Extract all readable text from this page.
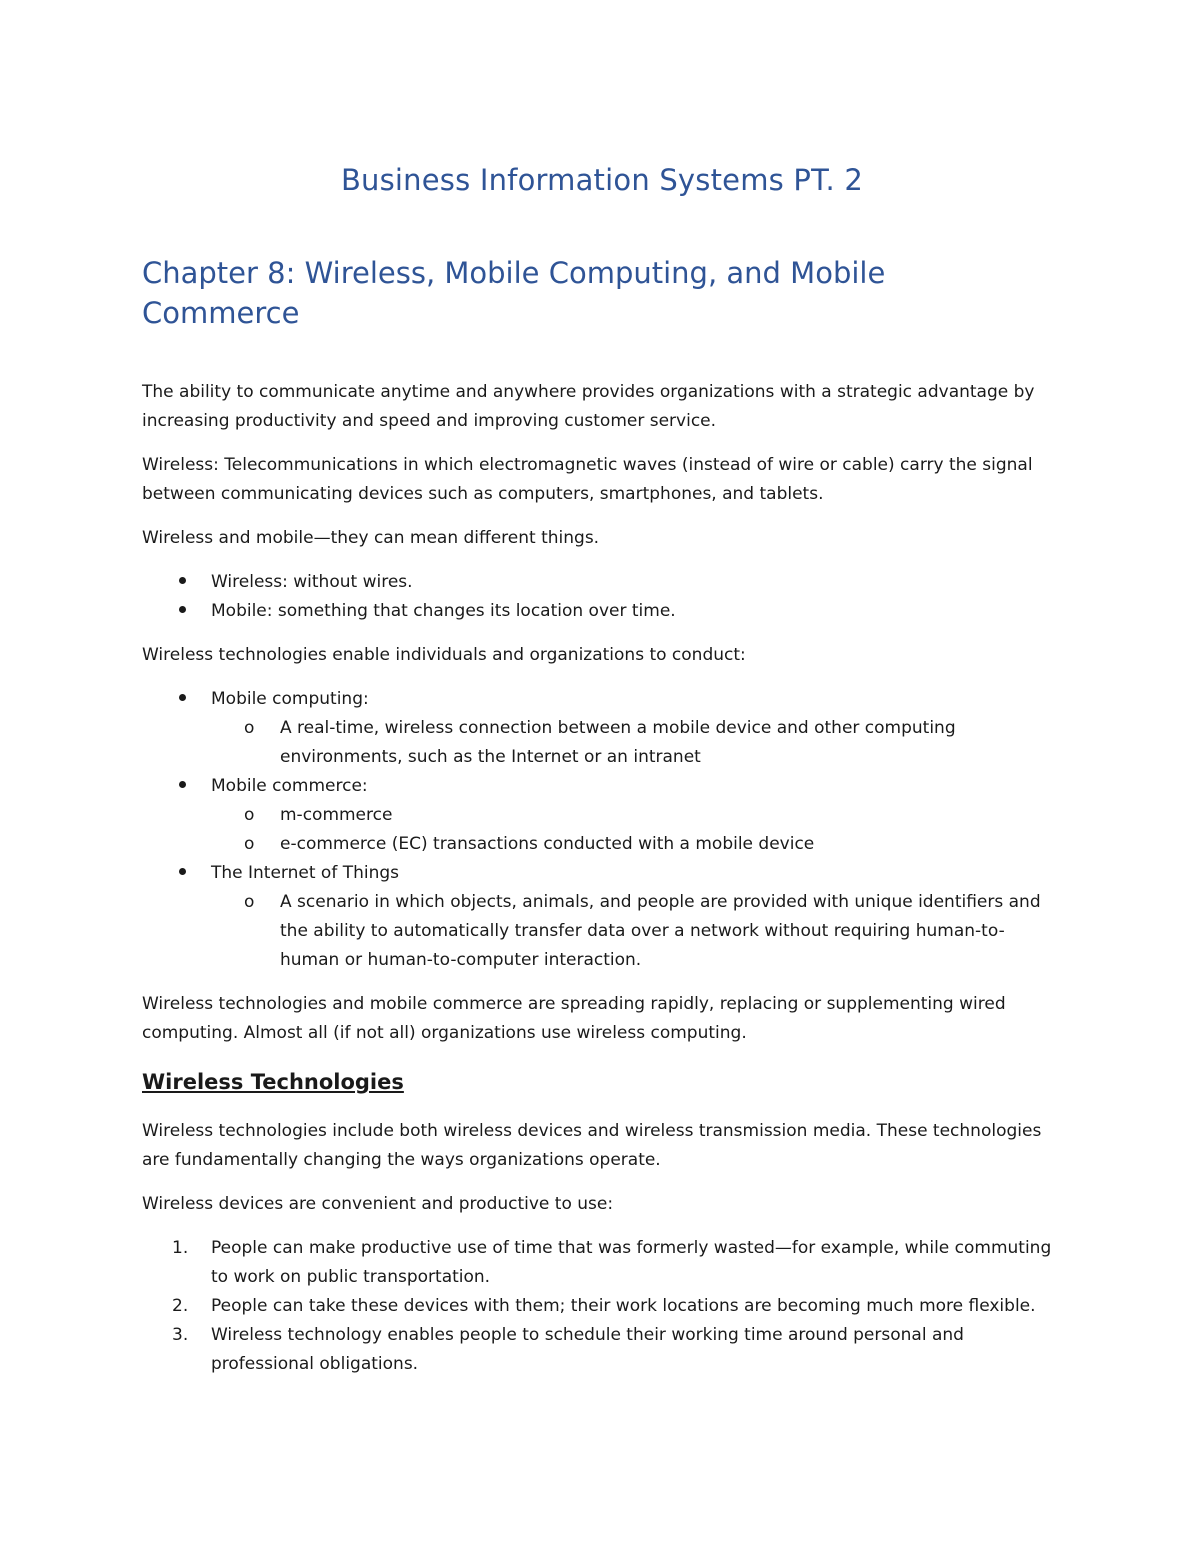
Business Information Systems PT. 2
Chapter 8: Wireless, Mobile Computing, and Mobile Commerce

The ability to communicate anytime and anywhere provides organizations with a strategic advantage by increasing productivity and speed and improving customer service.

Wireless: Telecommunications in which electromagnetic waves (instead of wire or cable) carry the signal between communicating devices such as computers, smartphones, and tablets.

Wireless and mobile—they can mean different things.

Wireless: without wires.
Mobile: something that changes its location over time.

Wireless technologies enable individuals and organizations to conduct:

Mobile computing:
o A real-time, wireless connection between a mobile device and other computing environments, such as the Internet or an intranet
Mobile commerce:
o m-commerce
o e-commerce (EC) transactions conducted with a mobile device
The Internet of Things
o A scenario in which objects, animals, and people are provided with unique identifiers and the ability to automatically transfer data over a network without requiring human-to-human or human-to-computer interaction.

Wireless technologies and mobile commerce are spreading rapidly, replacing or supplementing wired computing. Almost all (if not all) organizations use wireless computing.

Wireless Technologies

Wireless technologies include both wireless devices and wireless transmission media. These technologies are fundamentally changing the ways organizations operate.

Wireless devices are convenient and productive to use:

1. People can make productive use of time that was formerly wasted—for example, while commuting to work on public transportation.
2. People can take these devices with them; their work locations are becoming much more flexible.
3. Wireless technology enables people to schedule their working time around personal and professional obligations.
